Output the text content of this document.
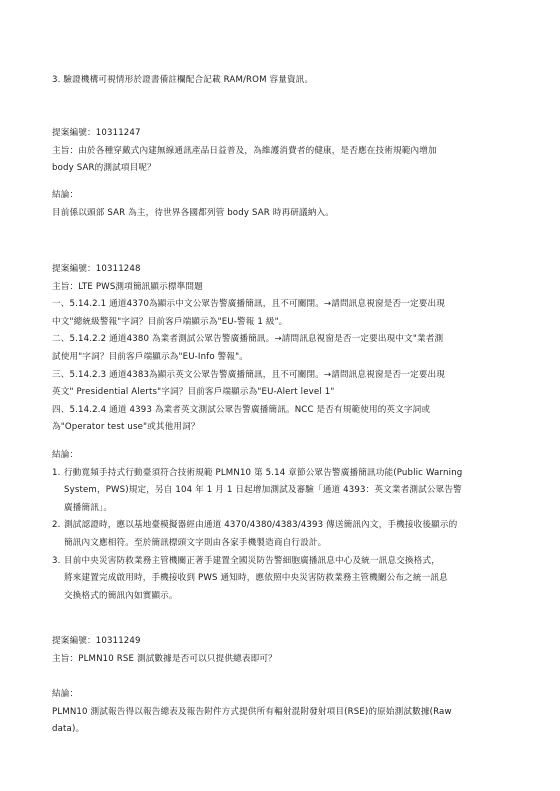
3. 驗證機構可視情形於證書備註欄配合記載 RAM/ROM 容量資訊。
提案編號：10311247
主旨：由於各種穿戴式內建無線通訊產品日益普及，為維護消費者的健康，是否應在技術規範內增加
body SAR的測試項目呢？
結論：
目前係以頭部 SAR 為主，待世界各國都列管 body SAR 時再研議納入。
提案編號：10311248
主旨：LTE PWS測項簡訊顯示標準問題
一、5.14.2.1 通道4370為顯示中文公眾告警廣播簡訊，且不可關閉。→請問訊息視窗是否一定要出現
中文"總統級警報"字詞？目前客戶端顯示為"EU-警報 1 級"。
二、5.14.2.2 通道4380 為業者測試公眾告警廣播簡訊。→請問訊息視窗是否一定要出現中文"業者測
試使用"字詞？目前客戶端顯示為"EU-Info 警報"。
三、5.14.2.3 通道4383為顯示英文公眾告警廣播簡訊，且不可關閉。→請問訊息視窗是否一定要出現
英文" Presidential Alerts"字詞？目前客戶端顯示為"EU-Alert level 1"
四、5.14.2.4 通道 4393 為業者英文測試公眾告警廣播簡訊。NCC 是否有規範使用的英文字詞或
為"Operator test use"或其他用詞？
結論：
1. 行動寬頻手持式行動臺須符合技術規範 PLMN10 第 5.14 章節公眾告警廣播簡訊功能(Public Warning
System，PWS)規定，另自 104 年 1 月 1 日起增加測試及審驗「通道 4393：英文業者測試公眾告警
廣播簡訊」。
2. 測試認證時，應以基地臺模擬器經由通道 4370/4380/4383/4393 傳送簡訊內文，手機接收後顯示的
簡訊內文應相符。至於簡訊標頭文字則由各家手機製造商自行設計。
3. 目前中央災害防救業務主管機關正著手建置全國災防告警細胞廣播訊息中心及統一訊息交換格式，
將來建置完成啟用時，手機接收到 PWS 通知時，應依照中央災害防救業務主管機關公布之統一訊息
交換格式的簡訊內如實顯示。
提案編號：10311249
主旨：PLMN10 RSE 測試數據是否可以只提供總表即可？
結論：
PLMN10 測試報告得以報告總表及報告附件方式提供所有輻射混附發射項目(RSE)的原始測試數據(Raw
data)。
